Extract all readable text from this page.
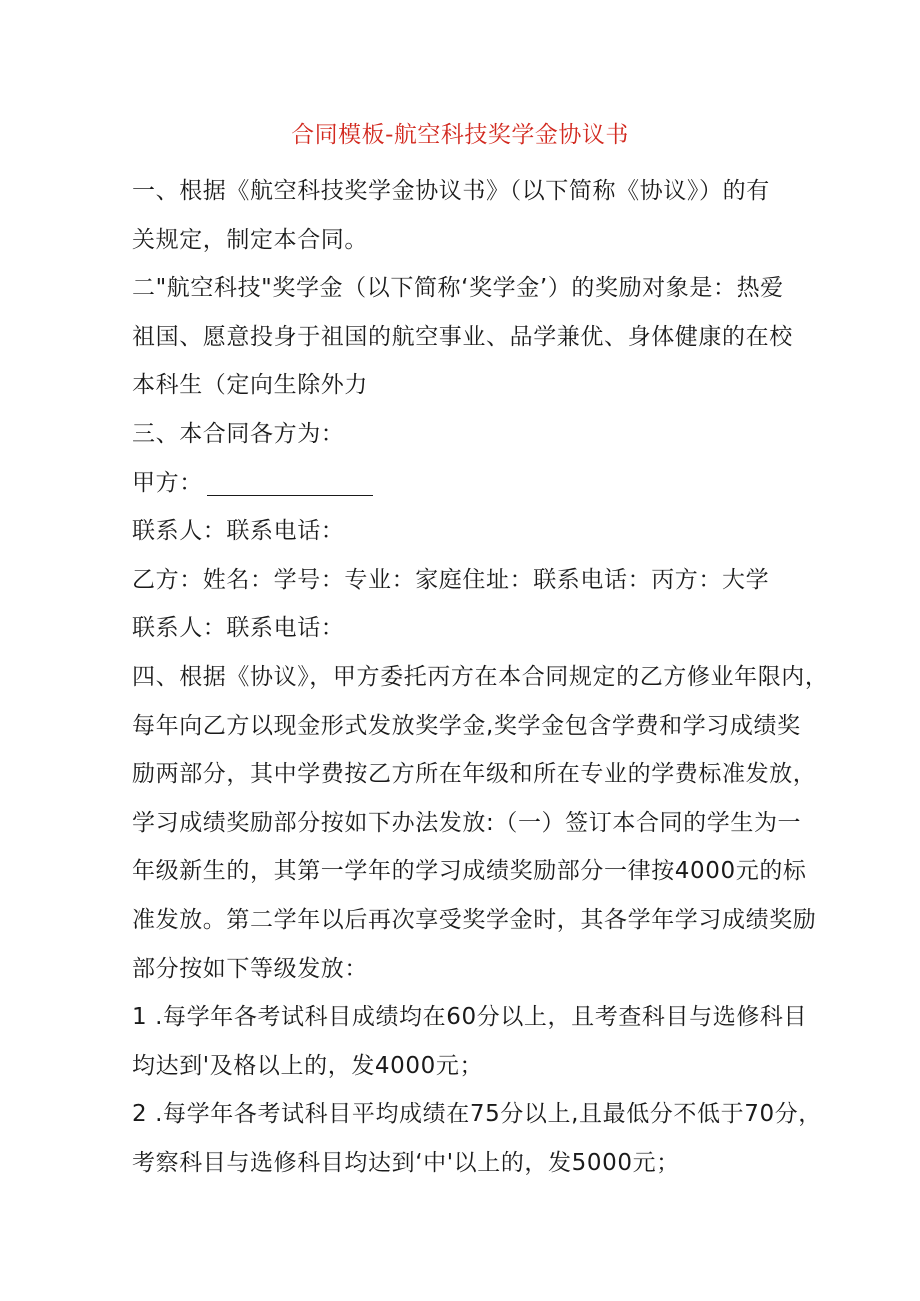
合同模板-航空科技奖学金协议书
一、根据《航空科技奖学金协议书》（以下简称《协议》）的有
关规定，制定本合同。
二"航空科技"奖学金（以下简称‘奖学金’）的奖励对象是：热爱
祖国、愿意投身于祖国的航空事业、品学兼优、身体健康的在校
本科生（定向生除外力
三、本合同各方为：
甲方：
联系人：联系电话：
乙方：姓名：学号：专业：家庭住址：联系电话：丙方：大学
联系人：联系电话：
四、根据《协议》，甲方委托丙方在本合同规定的乙方修业年限内，
每年向乙方以现金形式发放奖学金,奖学金包含学费和学习成绩奖
励两部分，其中学费按乙方所在年级和所在专业的学费标准发放，
学习成绩奖励部分按如下办法发放:（一）签订本合同的学生为一
年级新生的，其第一学年的学习成绩奖励部分一律按4000元的标
准发放。第二学年以后再次享受奖学金时，其各学年学习成绩奖励
部分按如下等级发放：
1 .每学年各考试科目成绩均在60分以上，且考查科目与选修科目
均达到'及格以上的，发4000元；
2 .每学年各考试科目平均成绩在75分以上,且最低分不低于70分，
考察科目与选修科目均达到‘中'以上的，发5000元；
